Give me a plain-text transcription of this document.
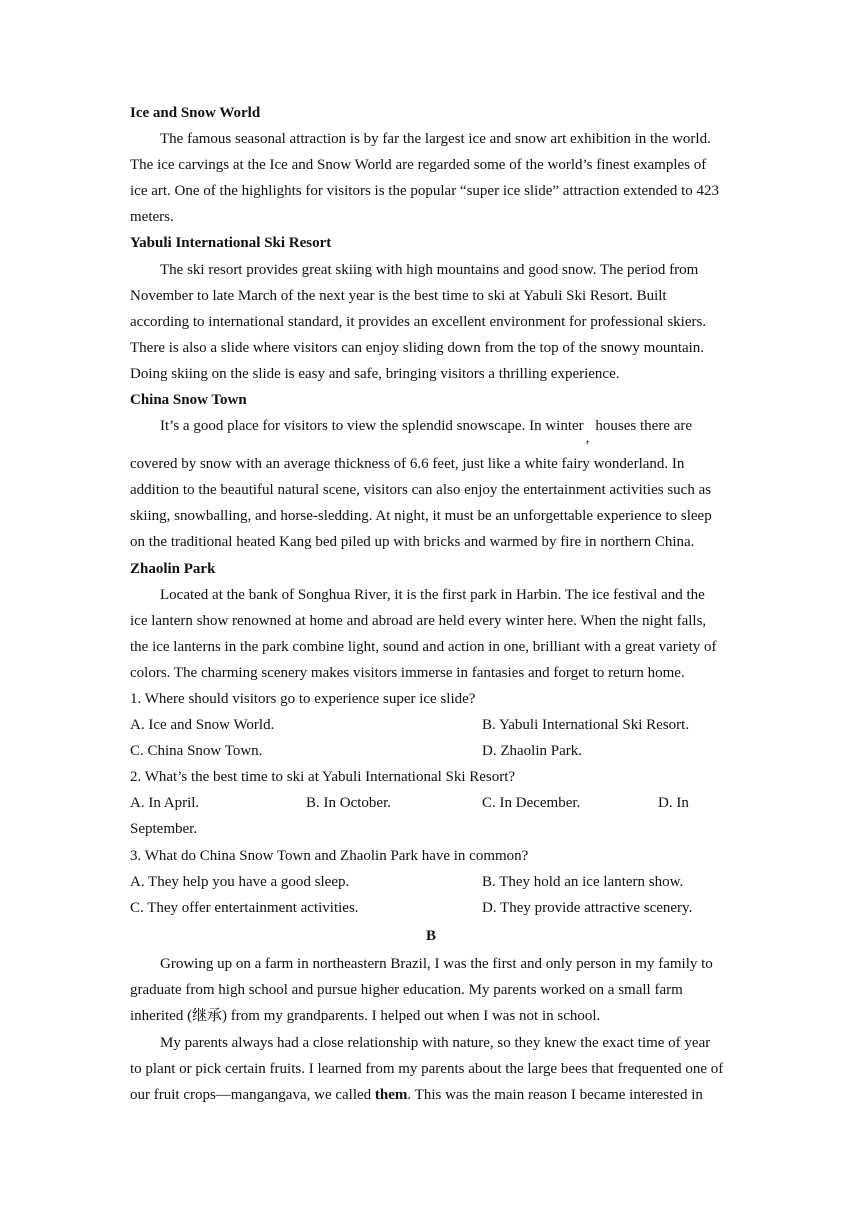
Ice and Snow World
The famous seasonal attraction is by far the largest ice and snow art exhibition in the world.
The ice carvings at the Ice and Snow World are regarded some of the world’s finest examples of
ice art. One of the highlights for visitors is the popular “super ice slide” attraction extended to 423
meters.
Yabuli International Ski Resort
The ski resort provides great skiing with high mountains and good snow. The period from
November to late March of the next year is the best time to ski at Yabuli Ski Resort. Built
according to international standard, it provides an excellent environment for professional skiers.
There is also a slide where visitors can enjoy sliding down from the top of the snowy mountain.
Doing skiing on the slide is easy and safe, bringing visitors a thrilling experience.
China Snow Town
It’s a good place for visitors to view the splendid snowscape. In winter,houses there are
covered by snow with an average thickness of 6.6 feet, just like a white fairy wonderland. In
addition to the beautiful natural scene, visitors can also enjoy the entertainment activities such as
skiing, snowballing, and horse-sledding. At night, it must be an unforgettable experience to sleep
on the traditional heated Kang bed piled up with bricks and warmed by fire in northern China.
Zhaolin Park
Located at the bank of Songhua River, it is the first park in Harbin. The ice festival and the
ice lantern show renowned at home and abroad are held every winter here. When the night falls,
the ice lanterns in the park combine light, sound and action in one, brilliant with a great variety of
colors. The charming scenery makes visitors immerse in fantasies and forget to return home.
1. Where should visitors go to experience super ice slide?
A. Ice and Snow World.	B. Yabuli International Ski Resort.
C. China Snow Town.	D. Zhaolin Park.
2. What’s the best time to ski at Yabuli International Ski Resort?
A. In April.	B. In October.	C. In December.	D. In
September.
3. What do China Snow Town and Zhaolin Park have in common?
A. They help you have a good sleep.	B. They hold an ice lantern show.
C. They offer entertainment activities.	D. They provide attractive scenery.
B
Growing up on a farm in northeastern Brazil, I was the first and only person in my family to
graduate from high school and pursue higher education. My parents worked on a small farm
inherited (继承) from my grandparents. I helped out when I was not in school.
My parents always had a close relationship with nature, so they knew the exact time of year
to plant or pick certain fruits. I learned from my parents about the large bees that frequented one of
our fruit crops—mangangava, we called them. This was the main reason I became interested in
